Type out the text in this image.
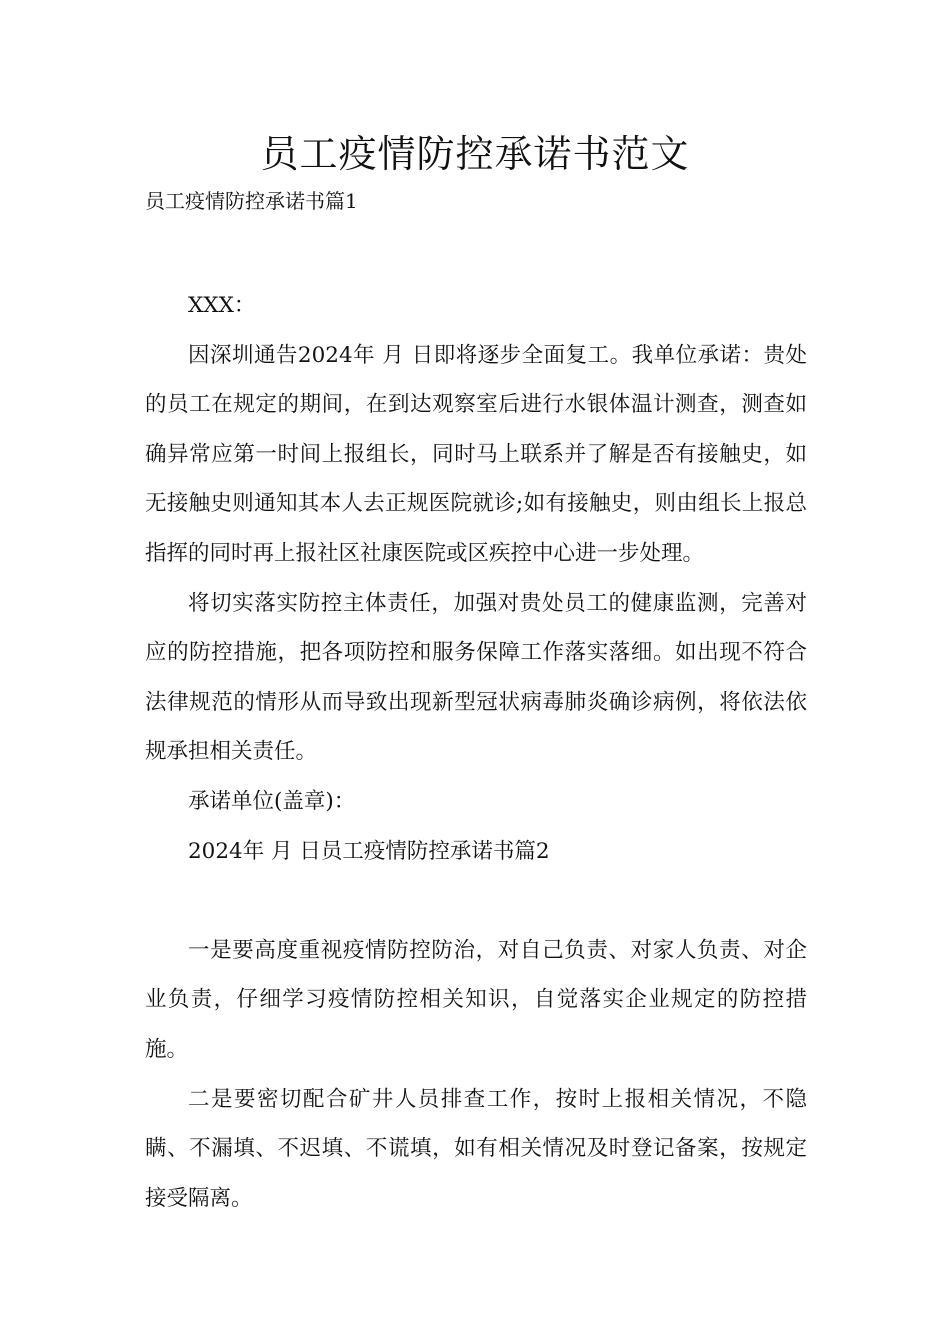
员工疫情防控承诺书范文
员工疫情防控承诺书篇1

XXX：

因深圳通告2024年 月 日即将逐步全面复工。我单位承诺：贵处的员工在规定的期间，在到达观察室后进行水银体温计测查，测查如确异常应第一时间上报组长，同时马上联系并了解是否有接触史，如无接触史则通知其本人去正规医院就诊;如有接触史，则由组长上报总指挥的同时再上报社区社康医院或区疾控中心进一步处理。

将切实落实防控主体责任，加强对贵处员工的健康监测，完善对应的防控措施，把各项防控和服务保障工作落实落细。如出现不符合法律规范的情形从而导致出现新型冠状病毒肺炎确诊病例，将依法依规承担相关责任。

承诺单位(盖章)：

2024年 月 日员工疫情防控承诺书篇2

一是要高度重视疫情防控防治，对自己负责、对家人负责、对企业负责，仔细学习疫情防控相关知识，自觉落实企业规定的防控措施。

二是要密切配合矿井人员排查工作，按时上报相关情况，不隐瞒、不漏填、不迟填、不谎填，如有相关情况及时登记备案，按规定接受隔离。
